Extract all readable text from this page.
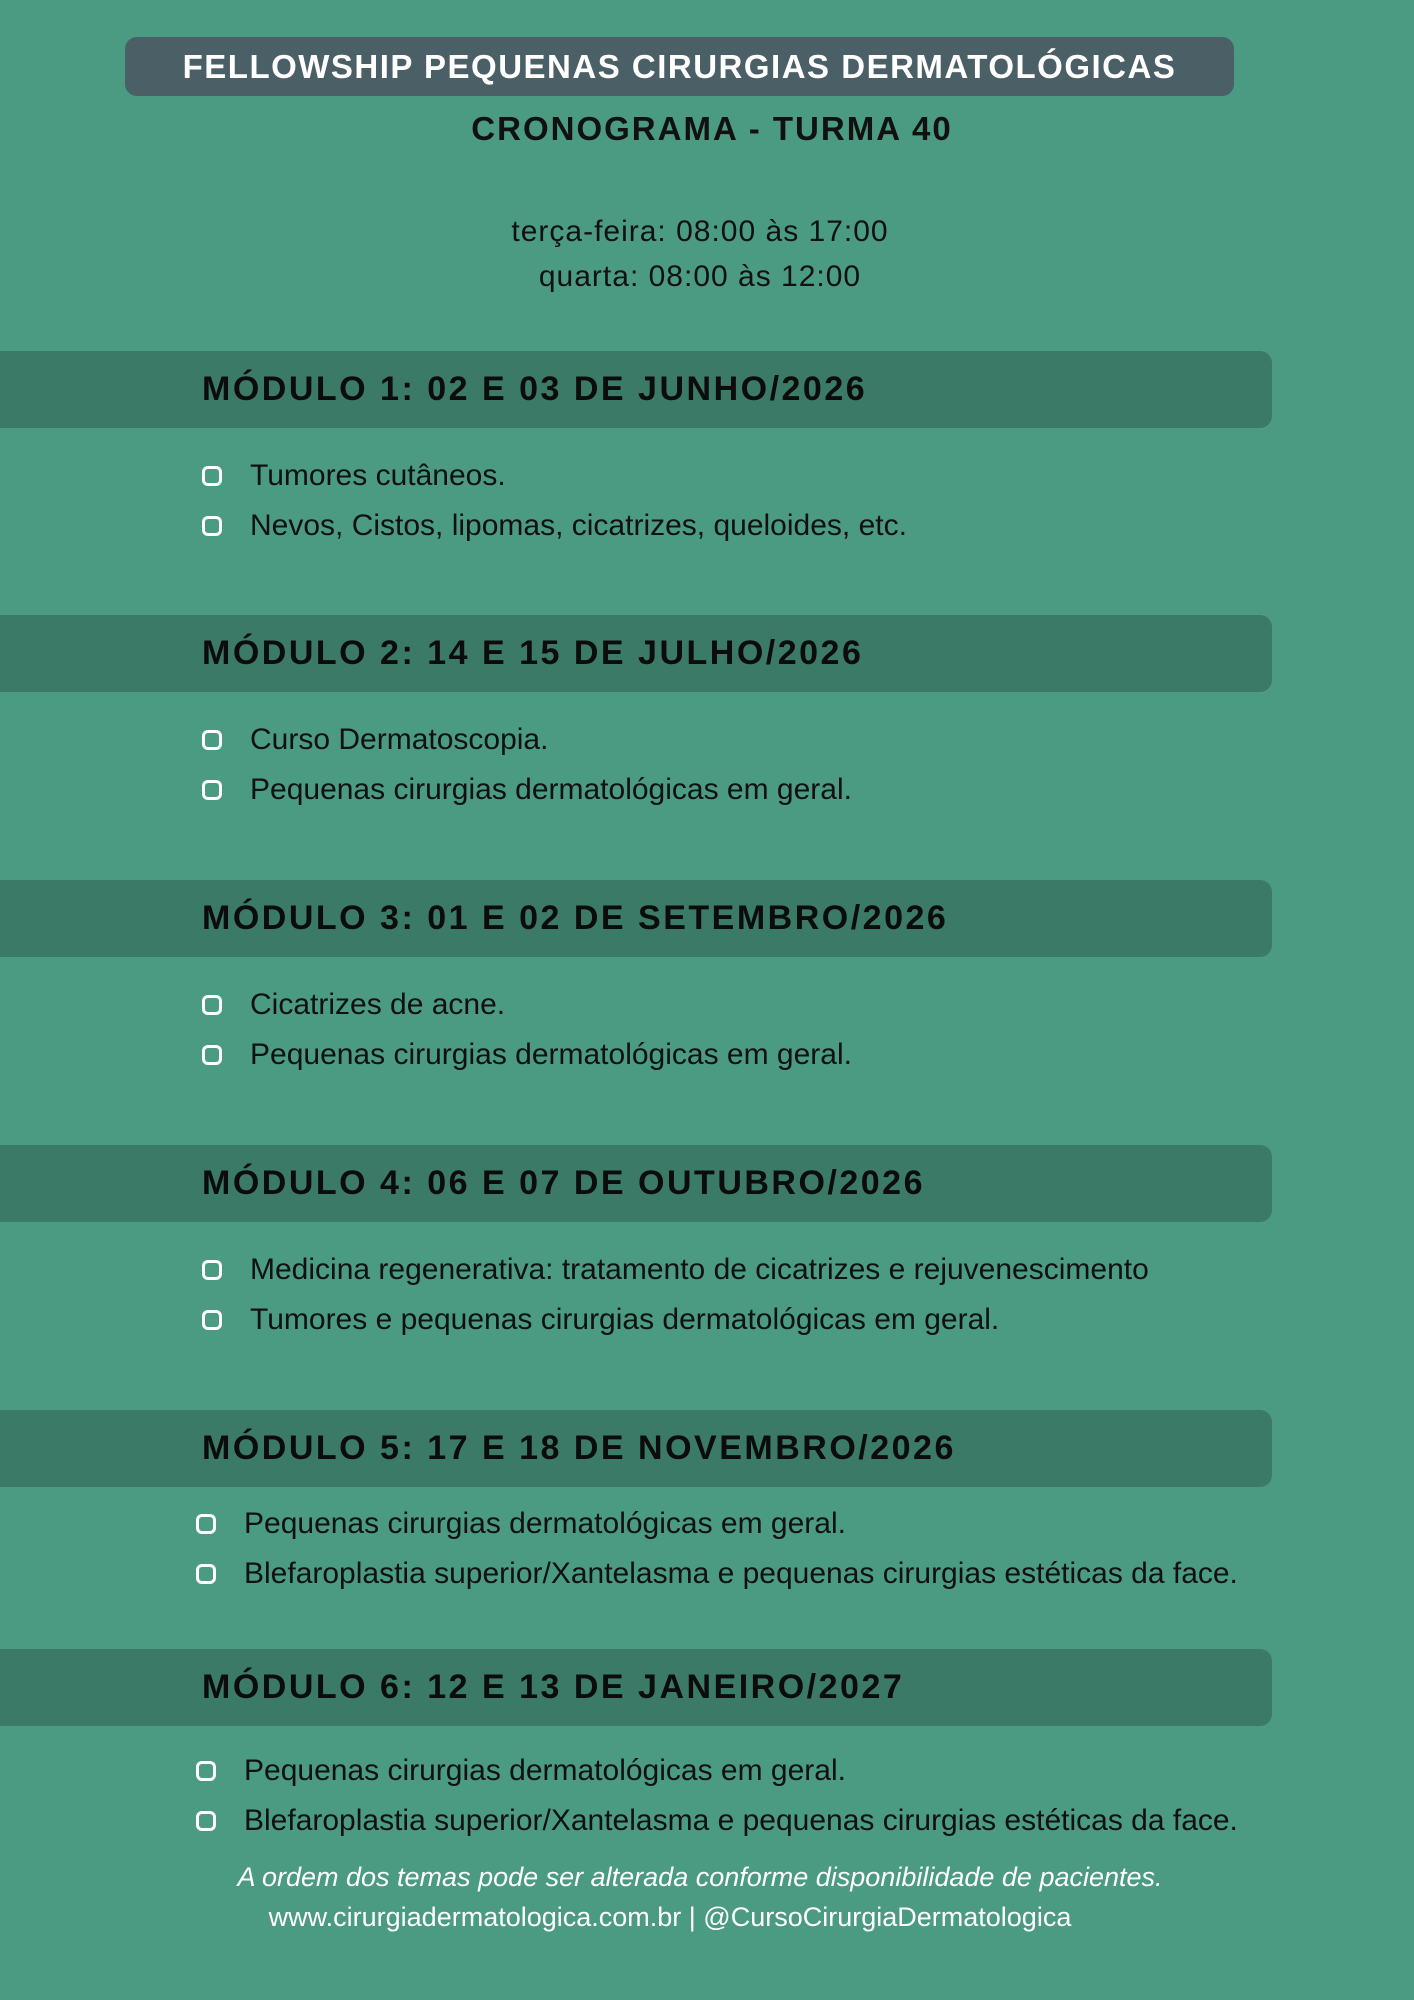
FELLOWSHIP PEQUENAS CIRURGIAS DERMATOLÓGICAS
CRONOGRAMA - TURMA 40
terça-feira: 08:00 às 17:00
quarta: 08:00 às 12:00
MÓDULO 1: 02 E 03 DE JUNHO/2026
Tumores cutâneos.
Nevos, Cistos, lipomas, cicatrizes, queloides, etc.
MÓDULO 2: 14 E 15 DE JULHO/2026
Curso Dermatoscopia.
Pequenas cirurgias dermatológicas em geral.
MÓDULO 3: 01 E 02 DE SETEMBRO/2026
Cicatrizes de acne.
Pequenas cirurgias dermatológicas em geral.
MÓDULO 4: 06 E 07 DE OUTUBRO/2026
Medicina regenerativa: tratamento de cicatrizes e rejuvenescimento
Tumores e pequenas cirurgias dermatológicas em geral.
MÓDULO 5: 17 E 18 DE NOVEMBRO/2026
Pequenas cirurgias dermatológicas em geral.
Blefaroplastia superior/Xantelasma e pequenas cirurgias estéticas da face.
MÓDULO 6: 12 E 13 DE JANEIRO/2027
Pequenas cirurgias dermatológicas em geral.
Blefaroplastia superior/Xantelasma e pequenas cirurgias estéticas da face.
A ordem dos temas pode ser alterada conforme disponibilidade de pacientes.
www.cirurgiadermatologica.com.br | @CursoCirurgiaDermatologica
